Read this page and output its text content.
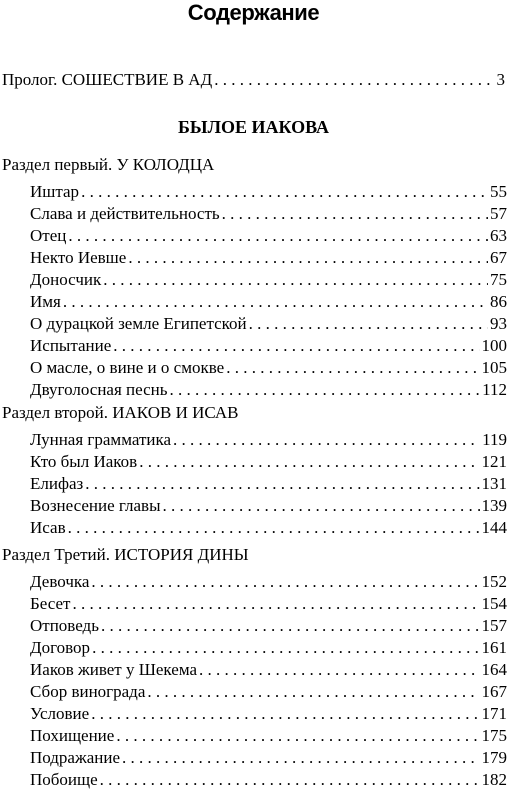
Содержание
Пролог. СОШЕСТВИЕ В АД . . .	3
БЫЛОЕ ИАКОВА
Раздел первый. У КОЛОДЦА
Иштар . . .	55
Слава и действительность . . .	57
Отец . . .	63
Некто Иевше . . .	67
Доносчик . . .	75
Имя . . .	86
О дурацкой земле Египетской . . .	93
Испытание . . .	100
О масле, о вине и о смокве . . .	105
Двуголосная песнь . . .	112
Раздел второй. ИАКОВ И ИСАВ
Лунная грамматика . . .	119
Кто был Иаков . . .	121
Елифаз . . .	131
Вознесение главы . . .	139
Исав . . .	144
Раздел Третий. ИСТОРИЯ ДИНЫ
Девочка . . .	152
Бесет . . .	154
Отповедь . . .	157
Договор . . .	161
Иаков живет у Шекема . . .	164
Сбор винограда . . .	167
Условие . . .	171
Похищение . . .	175
Подражание . . .	179
Побоище . . .	182
